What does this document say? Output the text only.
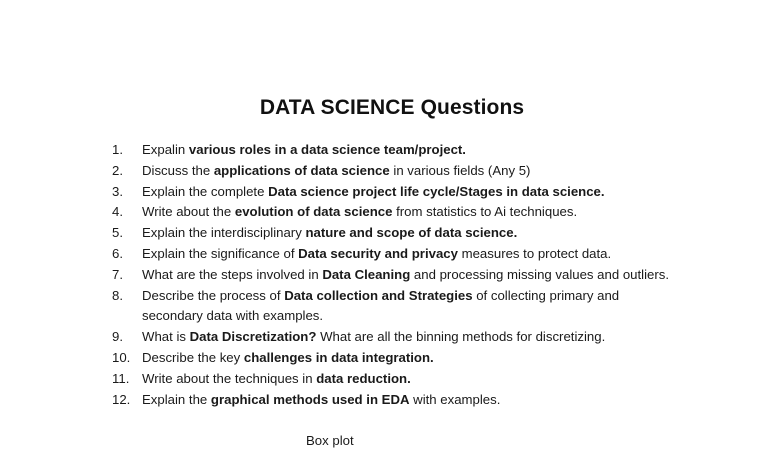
DATA SCIENCE Questions
1.	Expalin various roles in a data science team/project.
2.	Discuss the applications of data science in various fields (Any 5)
3.	Explain the complete Data science project life cycle/Stages in data science.
4.	Write about the evolution of data science from statistics to Ai techniques.
5.	Explain the interdisciplinary nature and scope of data science.
6.	Explain the significance of Data security and privacy measures to protect data.
7.	What are the steps involved in Data Cleaning and processing missing values and outliers.
8.	Describe the process of Data collection and Strategies of collecting primary and secondary data with examples.
9.	What is Data Discretization? What are all the binning methods for discretizing.
10. Describe the key challenges in data integration.
11. Write about the techniques in data reduction.
12. Explain the graphical methods used in EDA with examples.
Box plot
